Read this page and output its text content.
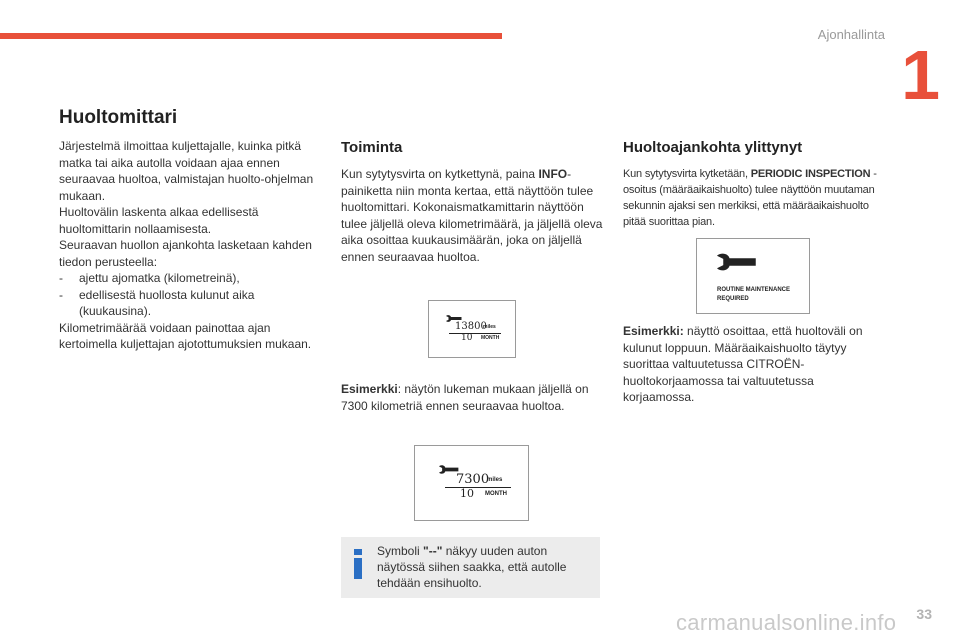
Ajonhallinta
1
Huoltomittari

Järjestelmä ilmoittaa kuljettajalle, kuinka pitkä matka tai aika autolla voidaan ajaa ennen seuraavaa huoltoa, valmistajan huolto-ohjelman mukaan.

Huoltovälin laskenta alkaa edellisestä huoltomittarin nollaamisesta.

Seuraavan huollon ajankohta lasketaan kahden tiedon perusteella:

- ajettu ajomatka (kilometreinä),
- edellisestä huollosta kulunut aika (kuukausina).

Kilometrimäärää voidaan painottaa ajan kertoimella kuljettajan ajotottumuksien mukaan.

Toiminta

Kun sytytysvirta on kytkettynä, paina INFO-painiketta niin monta kertaa, että näyttöön tulee huoltomittari. Kokonaismatkamittarin näyttöön tulee jäljellä oleva kilometrimäärä, ja jäljellä oleva aika osoittaa kuukausimäärän, joka on jäljellä ennen seuraavaa huoltoa.

13800
miles
10 MONTH

Esimerkki: näytön lukeman mukaan jäljellä on 7300 kilometriä ennen seuraavaa huoltoa.

7300
miles
10 MONTH

Symboli "--" näkyy uuden auton näytössä siihen saakka, että autolle tehdään ensihuolto.

Huoltoajankohta ylittynyt

Kun sytytysvirta kytketään, PERIODIC INSPECTION -osoitus (määräaikaishuolto) tulee näyttöön muutaman sekunnin ajaksi sen merkiksi, että määräaikaishuolto pitää suorittaa pian.

ROUTINE MAINTENANCE
REQUIRED

Esimerkki: näyttö osoittaa, että huoltoväli on kulunut loppuun. Määräaikaishuolto täytyy suorittaa valtuutetussa CITROËN-huoltokorjaamossa tai valtuutetussa korjaamossa.

33
carmanualsonline.info
